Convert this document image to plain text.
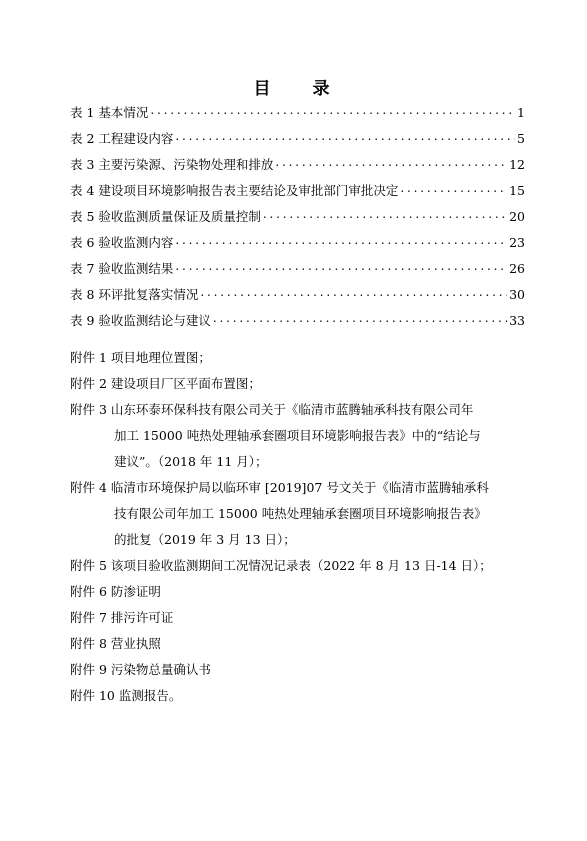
目 录
表 1 基本情况 . . .	1
表 2 工程建设内容 . . .	5
表 3 主要污染源、污染物处理和排放 . . .	12
表 4 建设项目环境影响报告表主要结论及审批部门审批决定 . . .	15
表 5 验收监测质量保证及质量控制 . . .	20
表 6 验收监测内容 . . .	23
表 7 验收监测结果 . . .	26
表 8 环评批复落实情况 . . .	30
表 9 验收监测结论与建议 . . .	33
附件 1 项目地理位置图；
附件 2 建设项目厂区平面布置图；
附件 3 山东环泰环保科技有限公司关于《临清市蓝腾轴承科技有限公司年
加工 15000 吨热处理轴承套圈项目环境影响报告表》中的“结论与
建议”。（2018 年 11 月）；
附件 4 临清市环境保护局以临环审 [2019]07 号文关于《临清市蓝腾轴承科
技有限公司年加工 15000 吨热处理轴承套圈项目环境影响报告表》
的批复（2019 年 3 月 13 日）；
附件 5 该项目验收监测期间工况情况记录表（2022 年 8 月 13 日-14 日）；
附件 6 防渗证明
附件 7 排污许可证
附件 8 营业执照
附件 9 污染物总量确认书
附件 10 监测报告。
